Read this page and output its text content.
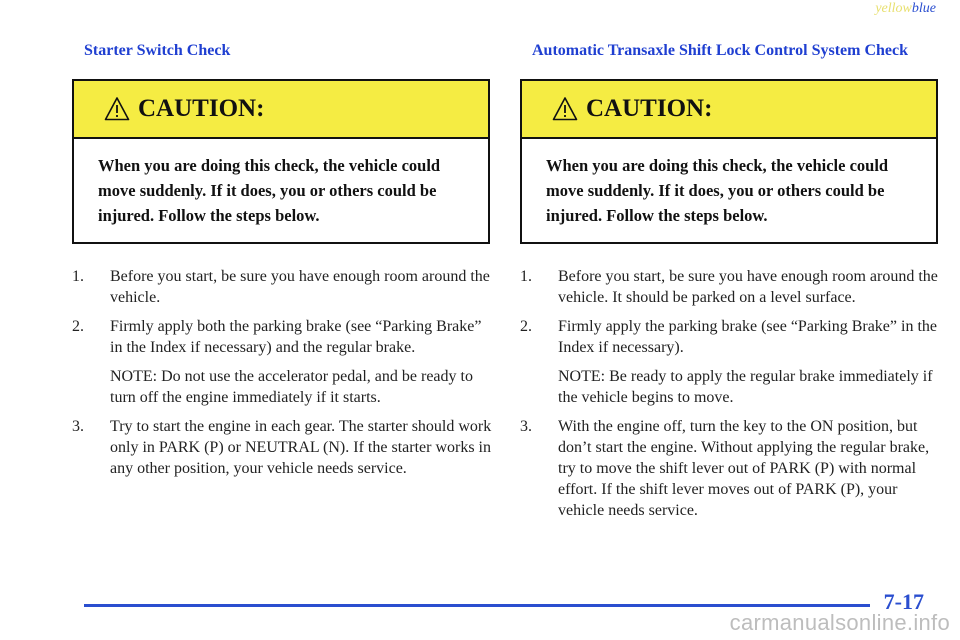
yellowblue
Starter Switch Check
CAUTION:
When you are doing this check, the vehicle could move suddenly. If it does, you or others could be injured. Follow the steps below.
1. Before you start, be sure you have enough room around the vehicle.
2. Firmly apply both the parking brake (see “Parking Brake” in the Index if necessary) and the regular brake.
NOTE: Do not use the accelerator pedal, and be ready to turn off the engine immediately if it starts.
3. Try to start the engine in each gear. The starter should work only in PARK (P) or NEUTRAL (N). If the starter works in any other position, your vehicle needs service.
Automatic Transaxle Shift Lock Control System Check
CAUTION:
When you are doing this check, the vehicle could move suddenly. If it does, you or others could be injured. Follow the steps below.
1. Before you start, be sure you have enough room around the vehicle. It should be parked on a level surface.
2. Firmly apply the parking brake (see “Parking Brake” in the Index if necessary).
NOTE: Be ready to apply the regular brake immediately if the vehicle begins to move.
3. With the engine off, turn the key to the ON position, but don’t start the engine. Without applying the regular brake, try to move the shift lever out of PARK (P) with normal effort. If the shift lever moves out of PARK (P), your vehicle needs service.
7-17
carmanualsonline.info
